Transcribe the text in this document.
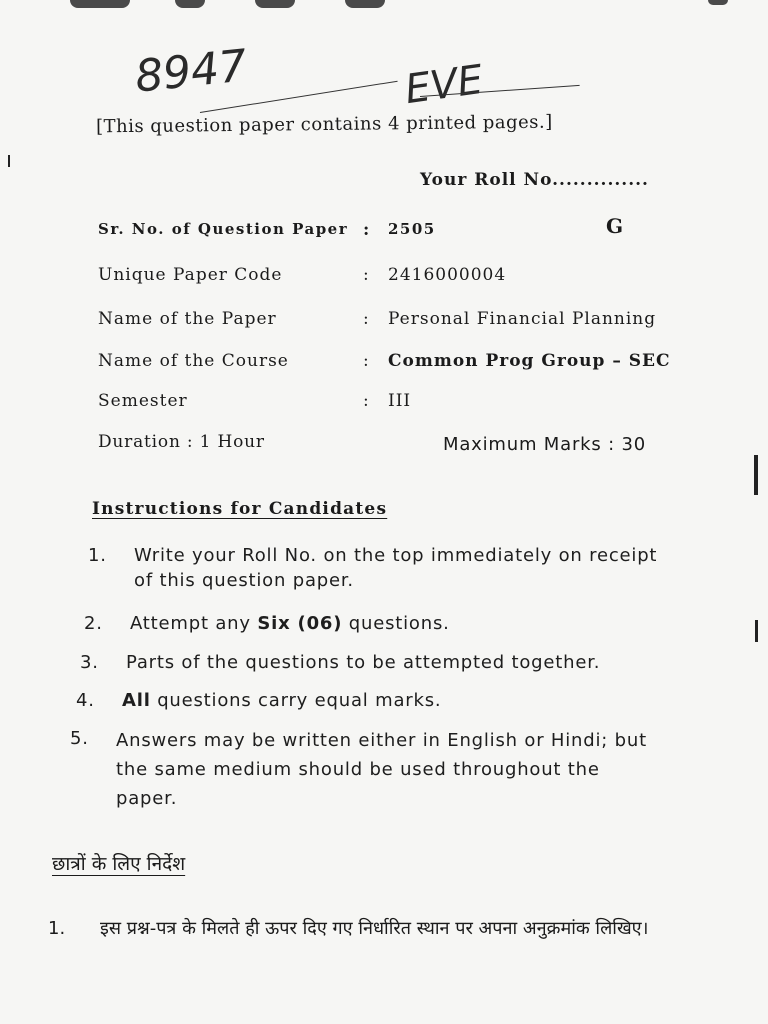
8947	EVE
[This question paper contains 4 printed pages.]
Your Roll No..............
G
Sr. No. of Question Paper : 2505
Unique Paper Code	: 2416000004
Name of the Paper	: Personal Financial Planning
Name of the Course	: Common Prog Group – SEC
Semester	: III
Duration : 1 Hour	Maximum Marks : 30
Instructions for Candidates
1. Write your Roll No. on the top immediately on receipt of this question paper.
2. Attempt any Six (06) questions.
3. Parts of the questions to be attempted together.
4. All questions carry equal marks.
5. Answers may be written either in English or Hindi; but the same medium should be used throughout the paper.
छात्रों के लिए निर्देश
1. इस प्रश्न-पत्र के मिलते ही ऊपर दिए गए निर्धारित स्थान पर अपना अनुक्रमांक लिखिए।
